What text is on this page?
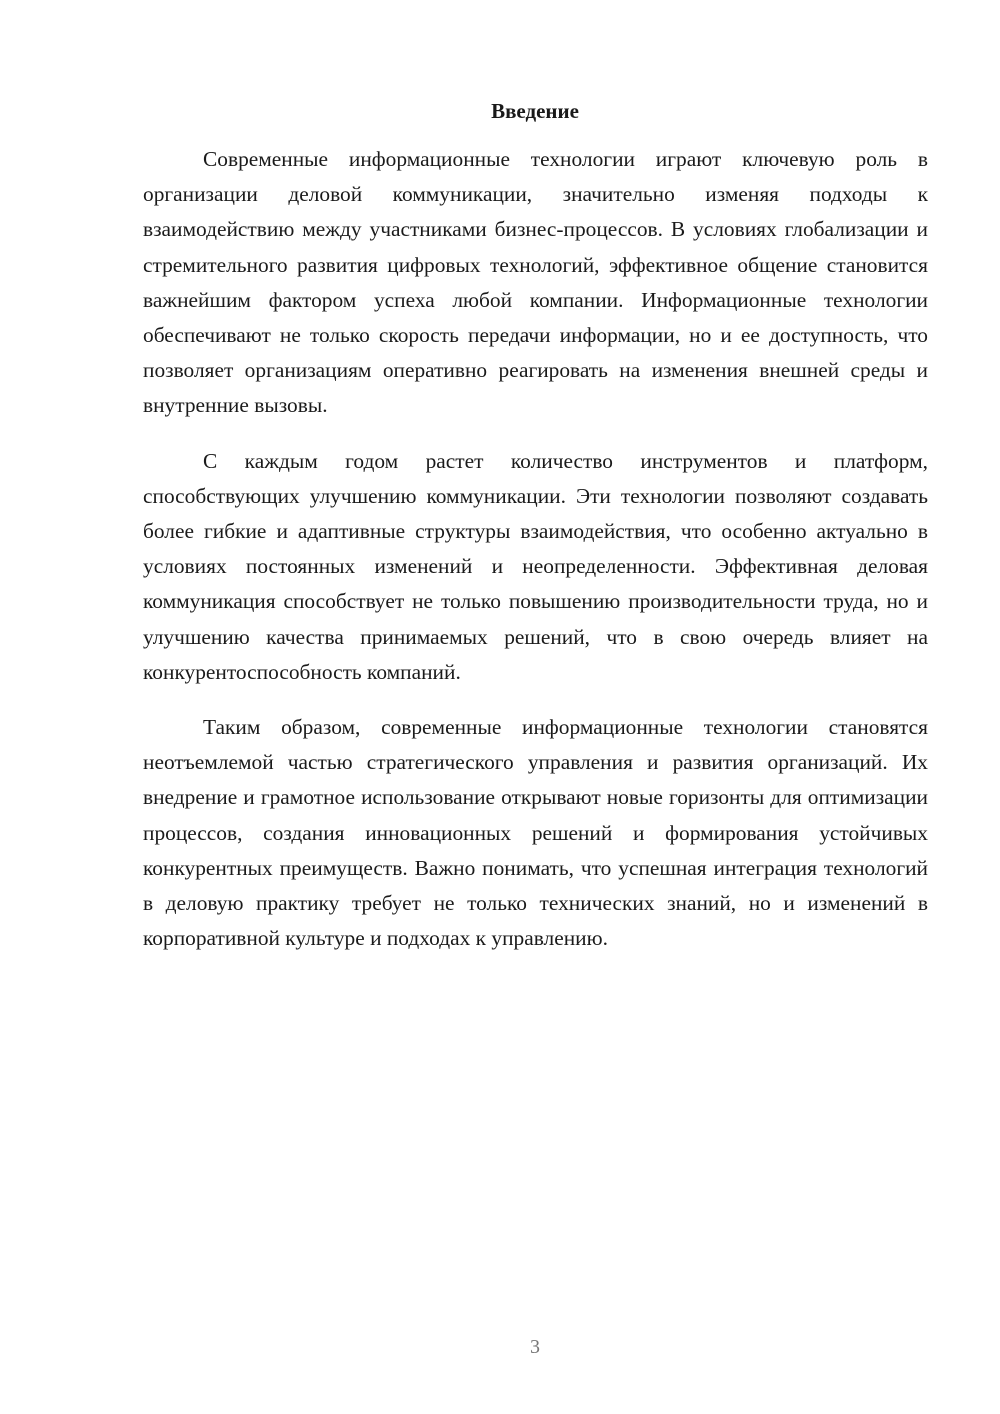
Введение

Современные информационные технологии играют ключевую роль в организации деловой коммуникации, значительно изменяя подходы к взаимодействию между участниками бизнес-процессов. В условиях глобализации и стремительного развития цифровых технологий, эффективное общение становится важнейшим фактором успеха любой компании. Информационные технологии обеспечивают не только скорость передачи информации, но и ее доступность, что позволяет организациям оперативно реагировать на изменения внешней среды и внутренние вызовы.

С каждым годом растет количество инструментов и платформ, способствующих улучшению коммуникации. Эти технологии позволяют создавать более гибкие и адаптивные структуры взаимодействия, что особенно актуально в условиях постоянных изменений и неопределенности. Эффективная деловая коммуникация способствует не только повышению производительности труда, но и улучшению качества принимаемых решений, что в свою очередь влияет на конкурентоспособность компаний.

Таким образом, современные информационные технологии становятся неотъемлемой частью стратегического управления и развития организаций. Их внедрение и грамотное использование открывают новые горизонты для оптимизации процессов, создания инновационных решений и формирования устойчивых конкурентных преимуществ. Важно понимать, что успешная интеграция технологий в деловую практику требует не только технических знаний, но и изменений в корпоративной культуре и подходах к управлению.

3
